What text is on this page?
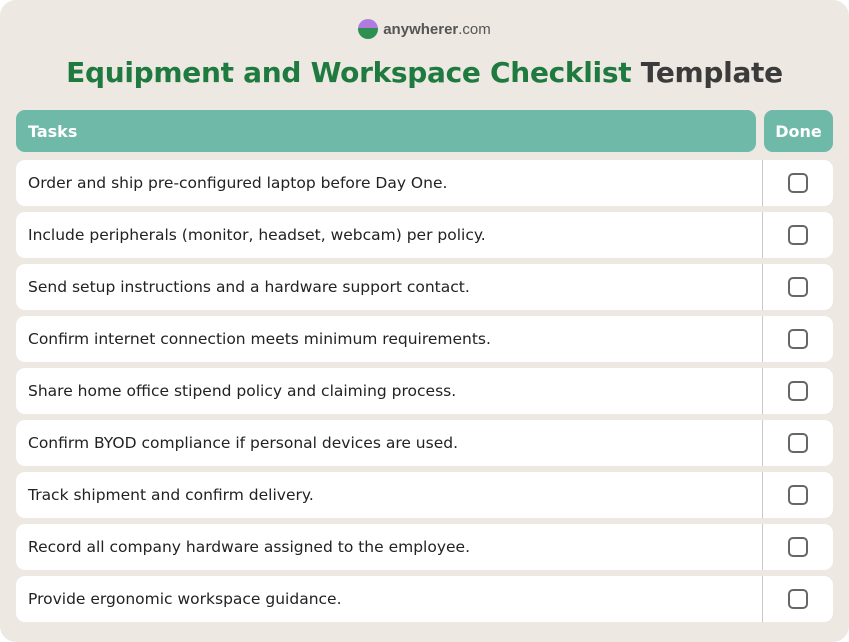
anywherer.com
Equipment and Workspace Checklist Template
Tasks	Done
Order and ship pre-configured laptop before Day One.
Include peripherals (monitor, headset, webcam) per policy.
Send setup instructions and a hardware support contact.
Confirm internet connection meets minimum requirements.
Share home office stipend policy and claiming process.
Confirm BYOD compliance if personal devices are used.
Track shipment and confirm delivery.
Record all company hardware assigned to the employee.
Provide ergonomic workspace guidance.
